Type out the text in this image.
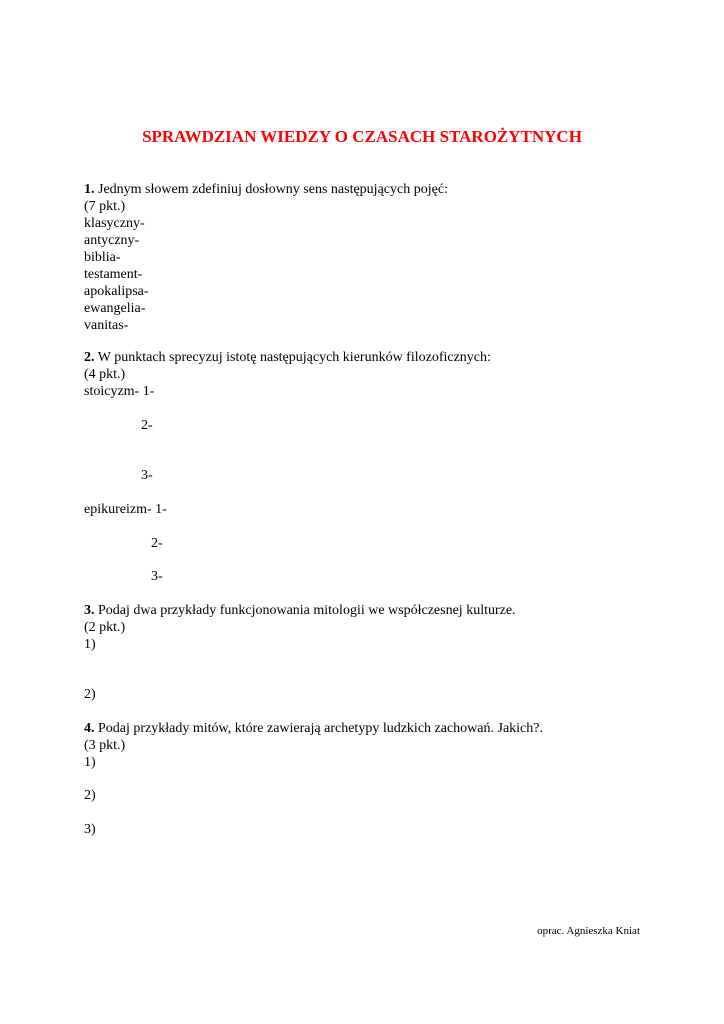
SPRAWDZIAN WIEDZY O CZASACH STAROŻYTNYCH
1. Jednym słowem zdefiniuj dosłowny sens następujących pojęć:
(7 pkt.)
klasyczny-
antyczny-
biblia-
testament-
apokalipsa-
ewangelia-
vanitas-
2. W punktach sprecyzuj istotę następujących kierunków filozoficznych:
(4 pkt.)
stoicyzm- 1-
2-
3-
epikureizm- 1-
2-
3-
3. Podaj dwa przykłady funkcjonowania mitologii we współczesnej kulturze.
(2 pkt.)
1)
2)
4. Podaj przykłady mitów, które zawierają archetypy ludzkich zachowań. Jakich?.
(3 pkt.)
1)
2)
3)
oprac. Agnieszka Kniat
